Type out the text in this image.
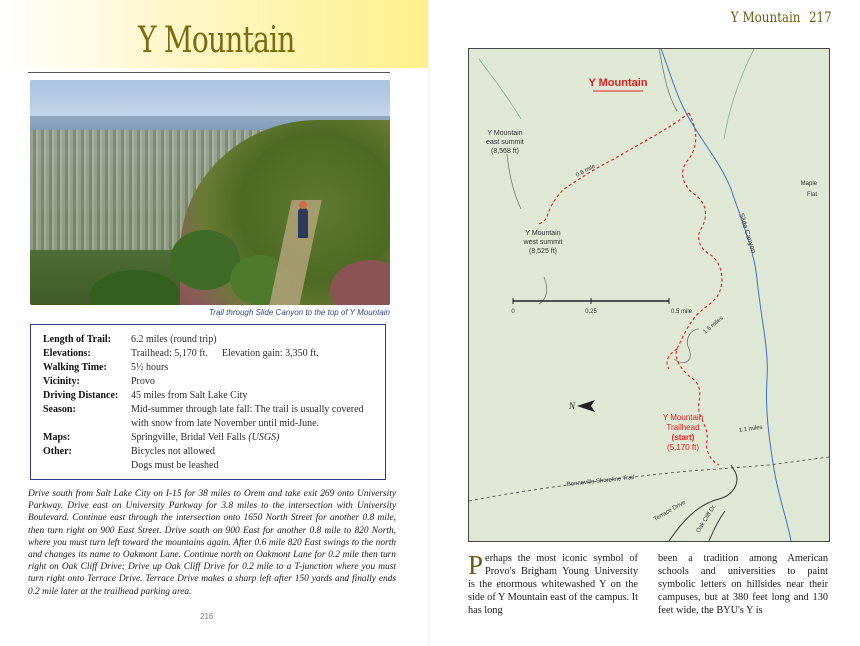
Y Mountain
Trail through Slide Canyon to the top of Y Mountain
Length of Trail:	6.2 miles (round trip)
Elevations:	Trailhead: 5,170 ft. Elevation gain: 3,350 ft.
Walking Time:	5½ hours
Vicinity:	Provo
Driving Distance:	45 miles from Salt Lake City
Season:	Mid-summer through late fall: The trail is usually covered
with snow from late November until mid-June.
Maps:	Springville, Bridal Veil Falls (USGS)
Other:	Bicycles not allowed
Dogs must be leashed
Drive south from Salt Lake City on I-15 for 38 miles to Orem and take exit 269 onto University Parkway. Drive east on University Parkway for 3.8 miles to the intersection with University Boulevard. Continue east through the intersection onto 1650 North Street for another 0.8 mile, then turn right on 900 East Street. Drive south on 900 East for another 0.8 mile to 820 North, where you must turn left toward the mountains again. After 0.6 mile 820 East swings to the north and changes its name to Oakmont Lane. Continue north on Oakmont Lane for 0.2 mile then turn right on Oak Cliff Drive; Drive up Oak Cliff Drive for 0.2 mile to a T-junction where you must turn right onto Terrace Drive. Terrace Drive makes a sharp left after 150 yards and finally ends 0.2 mile later at the trailhead parking area.
216
Y Mountain 217
Y Mountain
Y Mountain
east summit
(8,568 ft)
Y Mountain
west summit
(8,525 ft)
Maple
Flat
Slide Canyon
0.8 mile
1.5 miles
1.1 miles
0	0.25	0.5 mile
N
Y Mountain
Trailhead
(start)
(5,170 ft)
Bonneville Shoreline Trail
Terrace Drive Oak Cliff Dr.
Perhaps the most iconic symbol of Provo's Brigham Young University is the enormous whitewashed Y on the side of Y Mountain east of the campus. It has long
been a tradition among American schools and universities to paint symbolic letters on hillsides near their campuses, but at 380 feet long and 130 feet wide, the BYU's Y is
